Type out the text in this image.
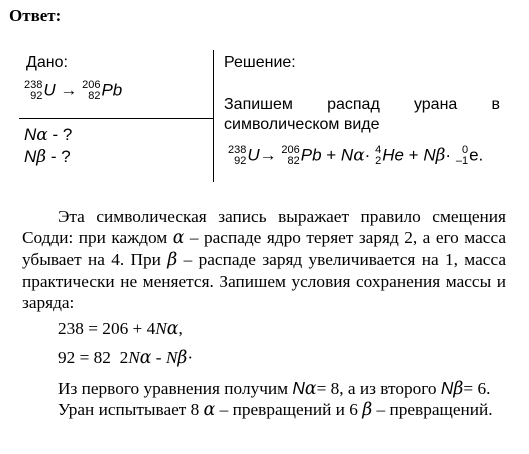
Ответ:
Дано:
238
92 U → 206
82 Pb
Nα - ?
Nβ - ?
Решение:
Запишем распад урана в
символическом виде
238
92 U→ 206
82 Pb + Nα· 4
2 He + Nβ· 0
–1 e.
Эта символическая запись выражает правило смещения Содди: при каждом α – распаде ядро теряет заряд 2, а его масса убывает на 4. При β – распаде заряд увеличивается на 1, масса практически не меняется. Запишем условия сохранения массы и заряда:
238 = 206 + 4Nα,
92 = 82  2Nα - Nβ·
Из первого уравнения получим Nα= 8, а из второго Nβ= 6.
Уран испытывает 8 α – превращений и 6 β – превращений.
